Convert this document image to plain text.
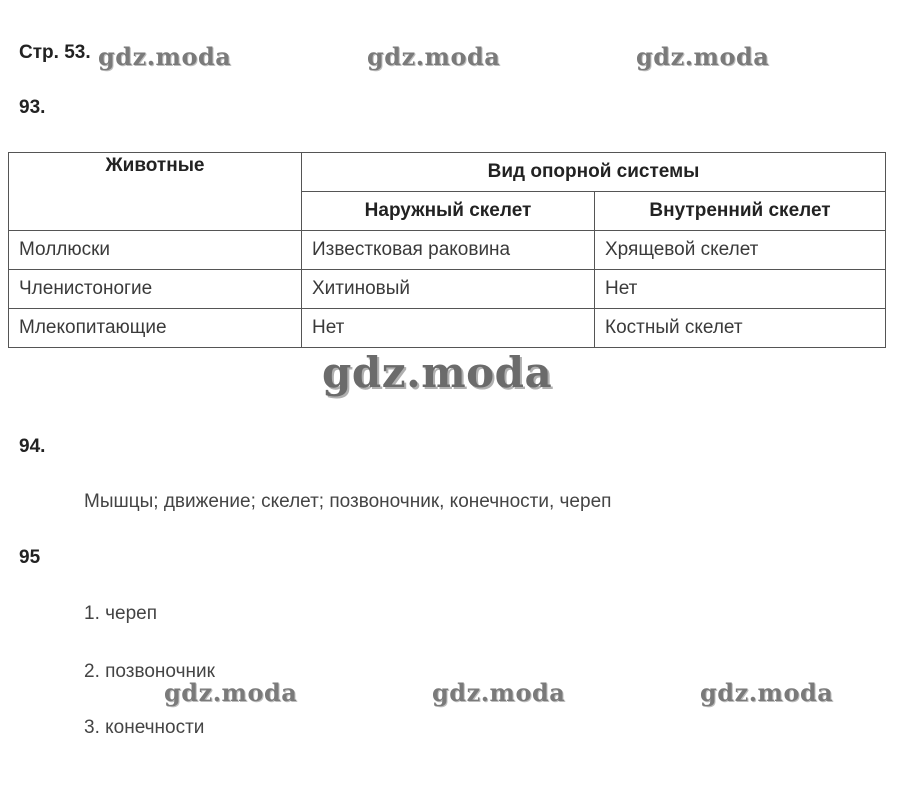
Стр. 53. gdz.moda	gdz.moda	gdz.moda
93.
Животные	Вид опорной системы	
	Наружный скелет	Внутренний скелет
Моллюски	Известковая раковина	Хрящевой скелет
Членистоногие	Хитиновый	Нет
Млекопитающие	Нет	Костный скелет
gdz.moda
94.
Мышцы; движение; скелет; позвоночник, конечности, череп
95
1. череп
2. позвоночник
3. конечности
gdz.moda	gdz.moda	gdz.moda
